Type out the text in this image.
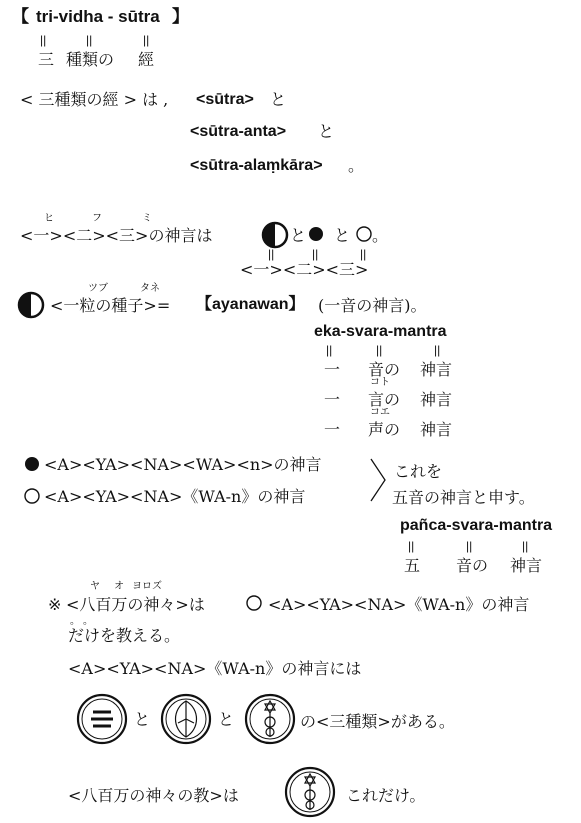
【 tri-vidha - sūtra 】
||	||	||
三 種類の 經
< 三種類の經 > は , <sūtra> と
<sūtra-anta> と
<sūtra-alaṃkāra> 。
ヒ	フ	ミ
<一><二><三>の神言は	と と 。
||	||	||
<一><二><三>
ツブ	タネ
<一粒の種子>= 【ayanawan】 (一音の神言)。
eka-svara-mantra
||	||	||
一 音の 神言
コト
一 言の 神言
コエ
一 声の 神言
<A><YA><NA><WA><n>の神言
<A><YA><NA>《WA-n》の神言
これを
五音の神言と申す。
pañca-svara-mantra
||	||	||
五 音の 神言
ヤ オ ヨロズ
※ <八百万の神々>は	<A><YA><NA>《WA-n》の神言
。。
だけを教える。
<A><YA><NA>《WA-n》の神言には
と	と	の<三種類>がある。
<八百万の神々の教>は	これだけ。
